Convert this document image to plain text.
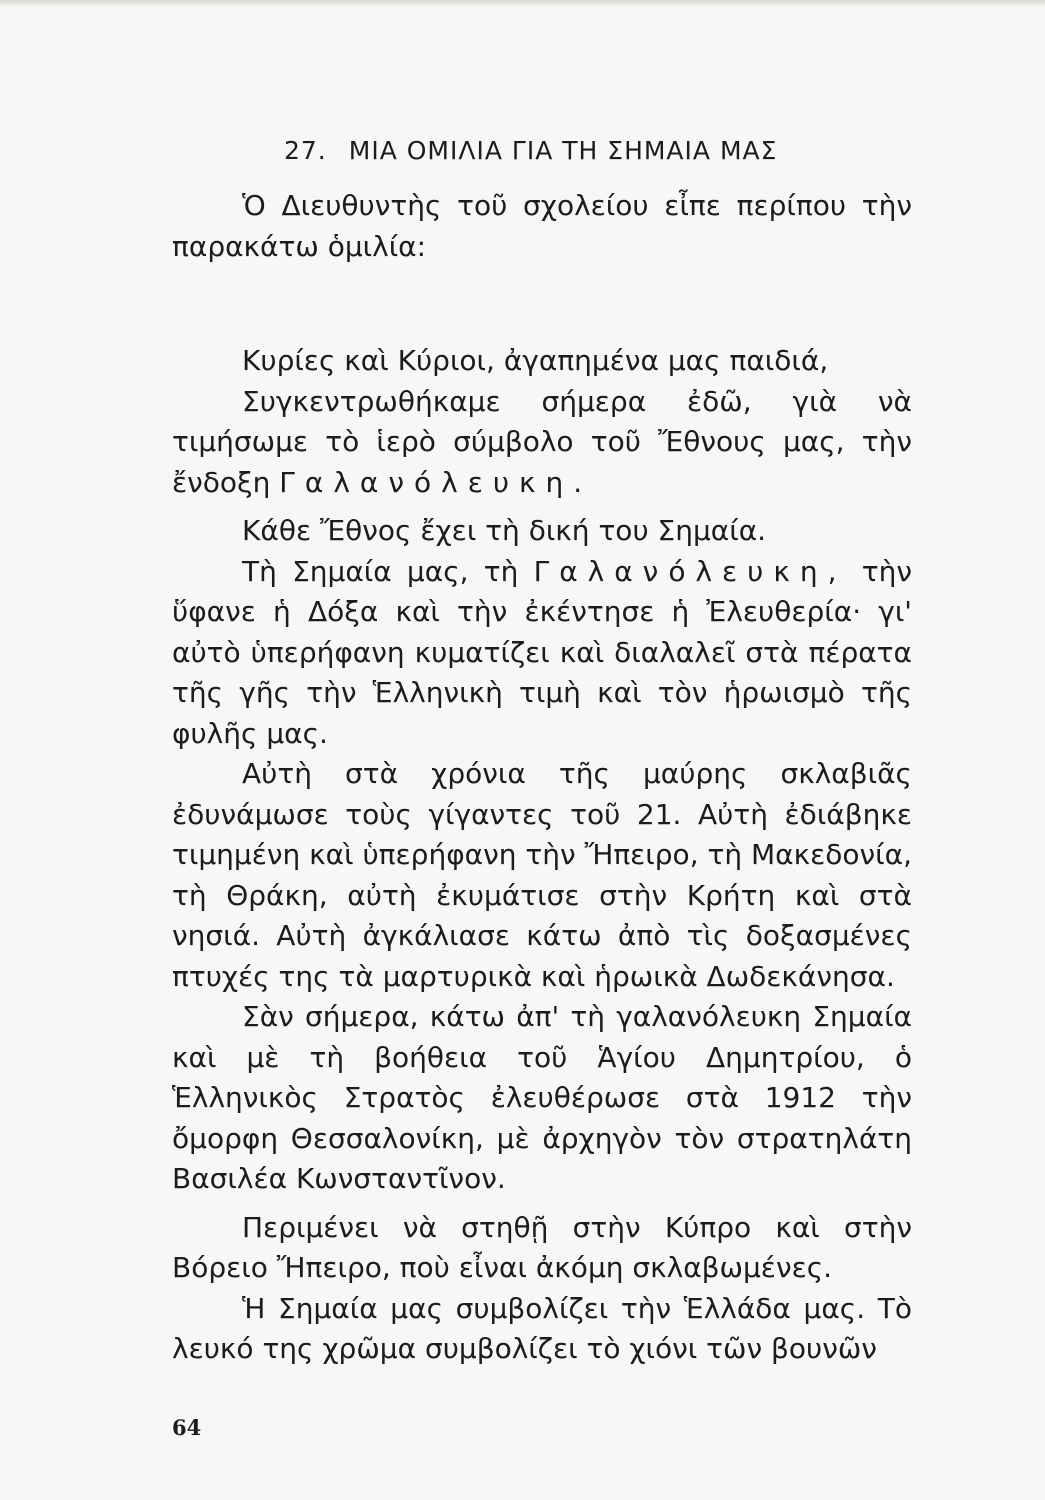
27. ΜΙΑ ΟΜΙΛΙΑ ΓΙΑ ΤΗ ΣΗΜΑΙΑ ΜΑΣ

Ὁ Διευθυντὴς τοῦ σχολείου εἶπε περίπου τὴν παρακάτω ὁμιλία:

Κυρίες καὶ Κύριοι, ἀγαπημένα μας παιδιά,

Συγκεντρωθήκαμε σήμερα ἐδῶ, γιὰ νὰ τιμήσωμε τὸ ἱερὸ σύμβολο τοῦ Ἔθνους μας, τὴν ἔνδοξη Γαλανόλευκη.

Κάθε Ἔθνος ἔχει τὴ δική του Σημαία.

Τὴ Σημαία μας, τὴ Γαλανόλευκη, τὴν ὕφανε ἡ Δόξα καὶ τὴν ἐκέντησε ἡ Ἐλευθερία· γι' αὐτὸ ὑπερήφανη κυματίζει καὶ διαλαλεῖ στὰ πέρατα τῆς γῆς τὴν Ἑλληνικὴ τιμὴ καὶ τὸν ἡρωισμὸ τῆς φυλῆς μας.

Αὐτὴ στὰ χρόνια τῆς μαύρης σκλαβιᾶς ἐδυνάμωσε τοὺς γίγαντες τοῦ 21. Αὐτὴ ἐδιάβηκε τιμημένη καὶ ὑπερήφανη τὴν Ἤπειρο, τὴ Μακεδονία, τὴ Θράκη, αὐτὴ ἐκυμάτισε στὴν Κρήτη καὶ στὰ νησιά. Αὐτὴ ἀγκάλιασε κάτω ἀπὸ τὶς δοξασμένες πτυχές της τὰ μαρτυρικὰ καὶ ἡρωικὰ Δωδεκάνησα.

Σὰν σήμερα, κάτω ἀπ' τὴ γαλανόλευκη Σημαία καὶ μὲ τὴ βοήθεια τοῦ Ἁγίου Δημητρίου, ὁ Ἑλληνικὸς Στρατὸς ἐλευθέρωσε στὰ 1912 τὴν ὄμορφη Θεσσαλονίκη, μὲ ἀρχηγὸν τὸν στρατηλάτη Βασιλέα Κωνσταντῖνον.

Περιμένει νὰ στηθῇ στὴν Κύπρο καὶ στὴν Βόρειο Ἤπειρο, ποὺ εἶναι ἀκόμη σκλαβωμένες.

Ἡ Σημαία μας συμβολίζει τὴν Ἑλλάδα μας. Τὸ λευκό της χρῶμα συμβολίζει τὸ χιόνι τῶν βουνῶν

64
